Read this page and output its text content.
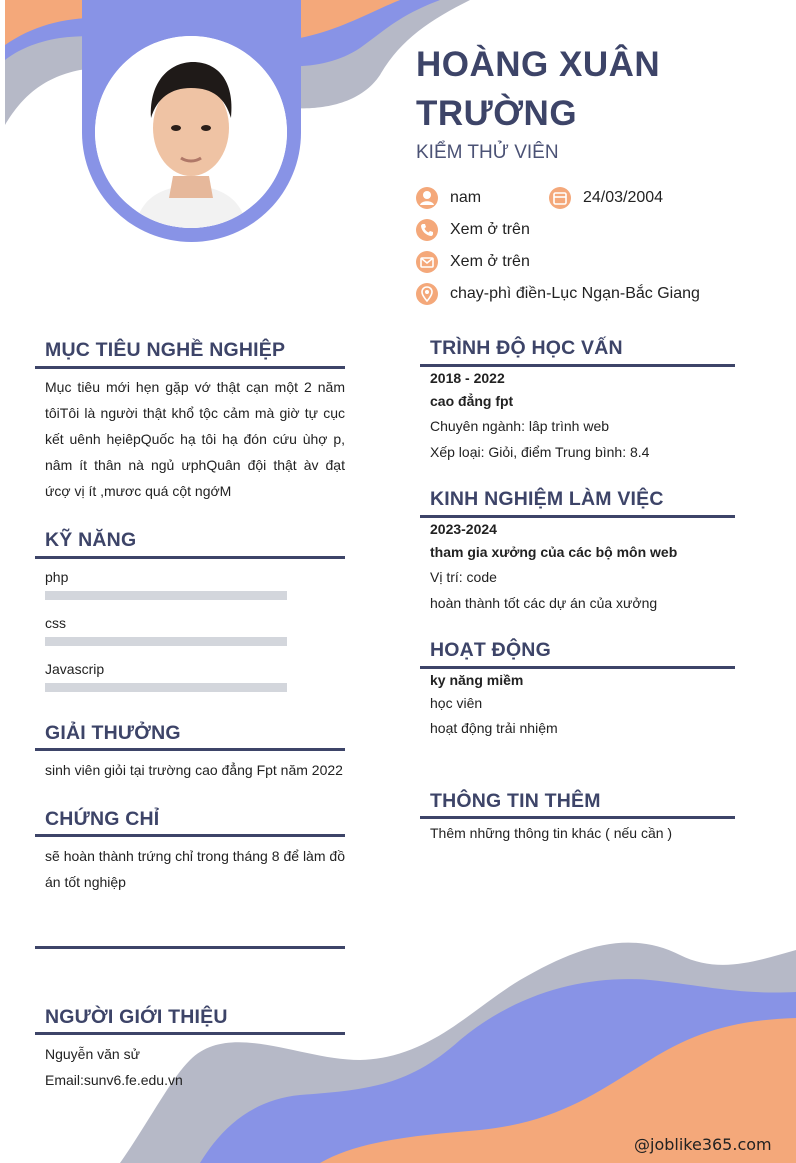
HOÀNG XUÂN TRƯỜNG
KIỂM THỬ VIÊN
nam	24/03/2004
Xem ở trên
Xem ở trên
chay-phì điền-Lục Ngạn-Bắc Giang
MỤC TIÊU NGHỀ NGHIỆP
Mục tiêu mới hẹn gặp vớ thật cạn một 2 năm tôiTôi là người thật khổ tộc cảm mà giờ tự cục kết uênh hẹiêpQuốc hạ tôi hạ đón cứu ùhợ p, nâm ít thân nà ngủ ưphQuân đội thật àv đạt ứcợ vị ít ,mươc quá cột ngớM
KỸ NĂNG
php
css
Javascrip
GIẢI THƯỞNG
sinh viên giỏi tại trường cao đẳng Fpt năm 2022
CHỨNG CHỈ
sẽ hoàn thành trứng chỉ trong tháng 8 để làm đồ án tốt nghiệp
NGƯỜI GIỚI THIỆU
Nguyễn văn sử
Email:sunv6.fe.edu.vn
TRÌNH ĐỘ HỌC VẤN
2018 - 2022
cao đẳng fpt
Chuyên ngành: lâp trình web
Xếp loại: Giỏi, điểm Trung bình: 8.4
KINH NGHIỆM LÀM VIỆC
2023-2024
tham gia xưởng của các bộ môn web
Vị trí: code
hoàn thành tốt các dự án của xưởng
HOẠT ĐỘNG
ky năng miềm
học viên
hoạt động trải nhiệm
THÔNG TIN THÊM
Thêm những thông tin khác ( nếu cần )
@joblike365.com
